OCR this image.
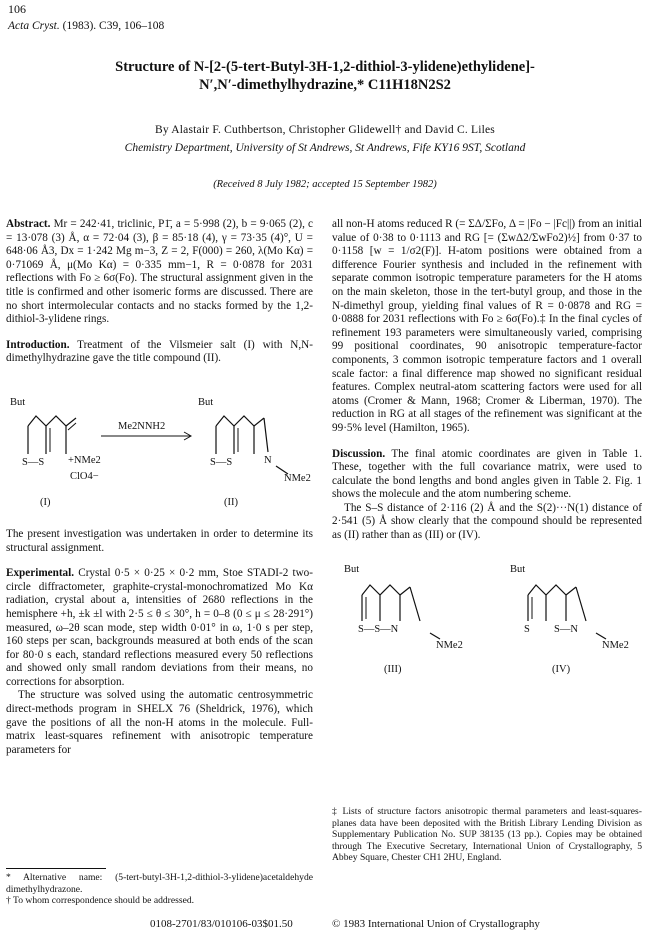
106
Acta Cryst. (1983). C39, 106–108
Structure of N-[2-(5-tert-Butyl-3H-1,2-dithiol-3-ylidene)ethylidene]-
N′,N′-dimethylhydrazine,* C11H18N2S2
By Alastair F. Cuthbertson, Christopher Glidewell† and David C. Liles
Chemistry Department, University of St Andrews, St Andrews, Fife KY16 9ST, Scotland
(Received 8 July 1982; accepted 15 September 1982)

Abstract. Mr = 242·41, triclinic, P1̄, a = 5·998 (2), b = 9·065 (2), c = 13·078 (3) Å, α = 72·04 (3), β = 85·18 (4), γ = 73·35 (4)°, U = 648·06 Å3, Dx = 1·242 Mg m−3, Z = 2, F(000) = 260, λ(Mo Kα) = 0·71069 Å, μ(Mo Kα) = 0·335 mm−1, R = 0·0878 for 2031 reflections with Fo ≥ 6σ(Fo). The structural assignment given in the title is confirmed and other isomeric forms are discussed. There are no short intermolecular contacts and no stacks formed by the 1,2-dithiol-3-ylidene rings.

Introduction. Treatment of the Vilsmeier salt (I) with N,N-dimethylhydrazine gave the title compound (II).

But
S—S +NMe2
ClO4−
Me2NNH2
But
S—S	N
NMe2
(I)	(II)

The present investigation was undertaken in order to determine its structural assignment.

Experimental. Crystal 0·5 × 0·25 × 0·2 mm, Stoe STADI-2 two-circle diffractometer, graphite-crystal-monochromatized Mo Kα radiation, crystal about a, intensities of 2680 reflections in the hemisphere +h, ±k ±l with 2·5 ≤ θ ≤ 30°, h = 0–8 (0 ≤ μ ≤ 28·291°) measured, ω–2θ scan mode, step width 0·01° in ω, 1·0 s per step, 160 steps per scan, backgrounds measured at both ends of the scan for 80·0 s each, standard reflections measured every 50 reflections and showed only small random deviations from their means, no corrections for absorption.

The structure was solved using the automatic centrosymmetric direct-methods program in SHELX 76 (Sheldrick, 1976), which gave the positions of all the non-H atoms in the molecule. Full-matrix least-squares refinement with anisotropic temperature parameters for

all non-H atoms reduced R (= ΣΔ/ΣFo, Δ = |Fo − |Fc||) from an initial value of 0·38 to 0·1113 and RG [= (ΣwΔ2/ΣwFo2)½] from 0·37 to 0·1158 [w = 1/σ2(F)]. H-atom positions were obtained from a difference Fourier synthesis and included in the refinement with separate common isotropic temperature parameters for the H atoms on the main skeleton, those in the tert-butyl group, and those in the N-dimethyl group, yielding final values of R = 0·0878 and RG = 0·0888 for 2031 reflections with Fo ≥ 6σ(Fo).‡ In the final cycles of refinement 193 parameters were simultaneously varied, comprising 99 positional coordinates, 90 anisotropic temperature-factor components, 3 common isotropic temperature factors and 1 overall scale factor: a final difference map showed no significant residual features. Complex neutral-atom scattering factors were used for all atoms (Cromer & Mann, 1968; Cromer & Liberman, 1970). The reduction in RG at all stages of the refinement was significant at the 99·5% level (Hamilton, 1965).

Discussion. The final atomic coordinates are given in Table 1. These, together with the full covariance matrix, were used to calculate the bond lengths and bond angles given in Table 2. Fig. 1 shows the molecule and the atom numbering scheme.

The S–S distance of 2·116 (2) Å and the S(2)···N(1) distance of 2·541 (5) Å show clearly that the compound should be represented as (II) rather than as (III) or (IV).

But
S—S—N
NMe2
But
S S—N
NMe2
(III)	(IV)

* Alternative name: (5-tert-butyl-3H-1,2-dithiol-3-ylidene)acetaldehyde dimethylhydrazone.

† To whom correspondence should be addressed.

‡ Lists of structure factors anisotropic thermal parameters and least-squares-planes data have been deposited with the British Library Lending Division as Supplementary Publication No. SUP 38135 (13 pp.). Copies may be obtained through The Executive Secretary, International Union of Crystallography, 5 Abbey Square, Chester CH1 2HU, England.

0108-2701/83/010106-03$01.50	© 1983 International Union of Crystallography
